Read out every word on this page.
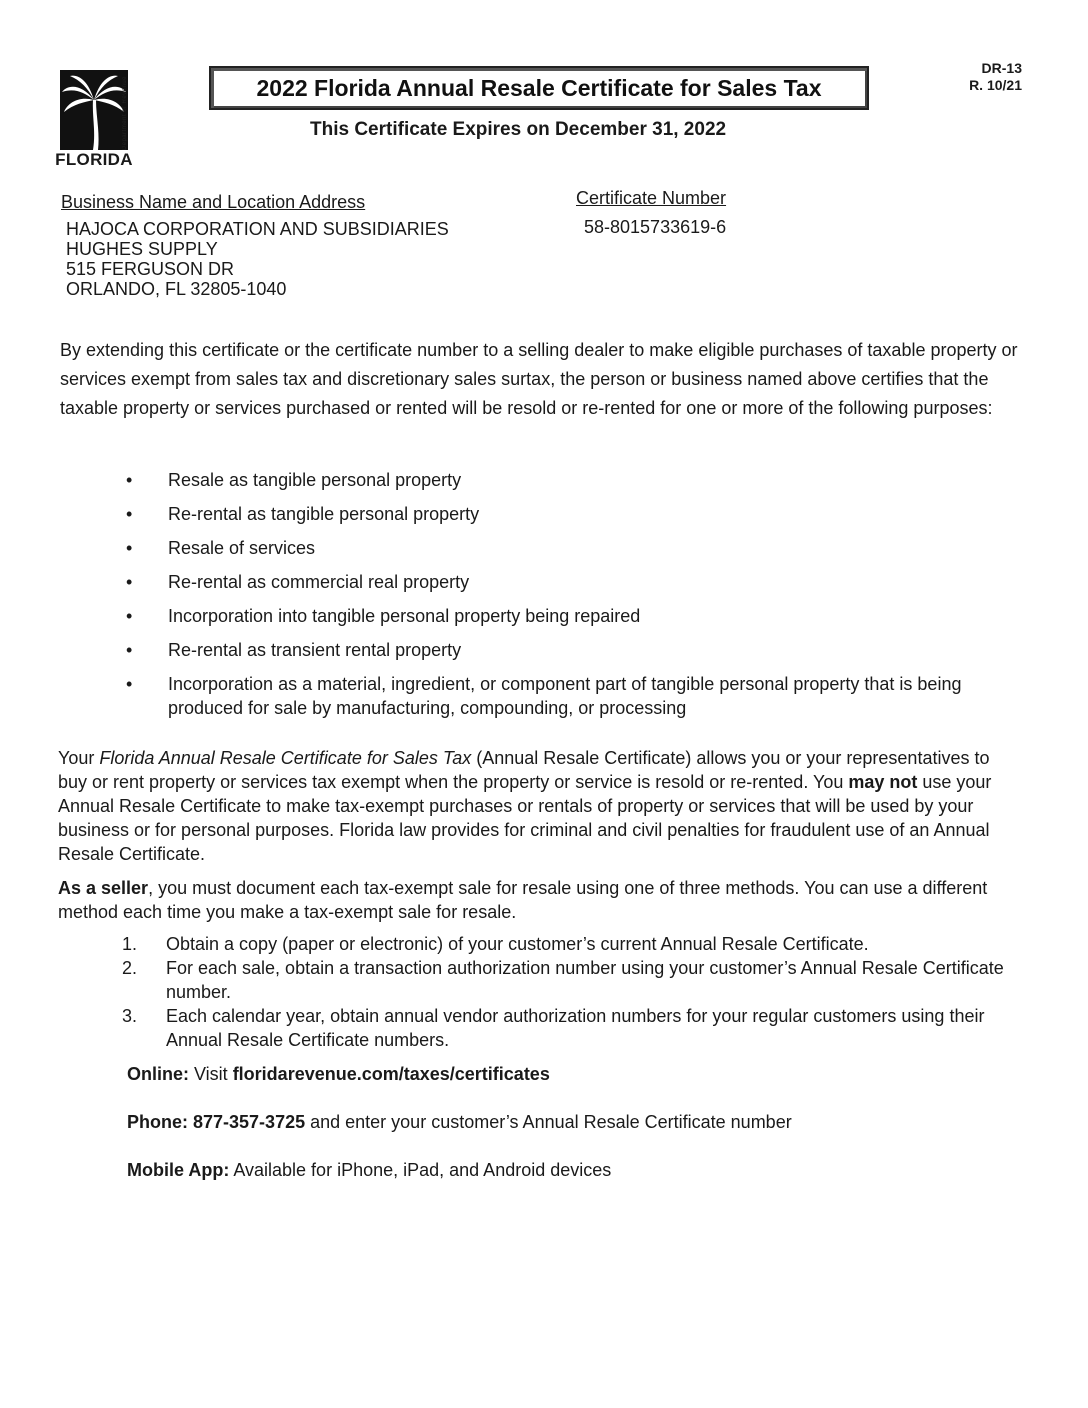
Department of Revenue
FLORIDA
2022 Florida Annual Resale Certificate for Sales Tax
DR-13
R. 10/21
This Certificate Expires on December 31, 2022
Business Name and Location Address	Certificate Number
HAJOCA CORPORATION AND SUBSIDIARIES
HUGHES SUPPLY
515 FERGUSON DR
ORLANDO, FL 32805-1040
58-8015733619-6
By extending this certificate or the certificate number to a selling dealer to make eligible purchases of taxable property or services exempt from sales tax and discretionary sales surtax, the person or business named above certifies that the taxable property or services purchased or rented will be resold or re-rented for one or more of the following purposes:
• Resale as tangible personal property
• Re-rental as tangible personal property
• Resale of services
• Re-rental as commercial real property
• Incorporation into tangible personal property being repaired
• Re-rental as transient rental property
• Incorporation as a material, ingredient, or component part of tangible personal property that is being produced for sale by manufacturing, compounding, or processing
Your Florida Annual Resale Certificate for Sales Tax (Annual Resale Certificate) allows you or your representatives to buy or rent property or services tax exempt when the property or service is resold or re-rented. You may not use your Annual Resale Certificate to make tax-exempt purchases or rentals of property or services that will be used by your business or for personal purposes. Florida law provides for criminal and civil penalties for fraudulent use of an Annual Resale Certificate.
As a seller, you must document each tax-exempt sale for resale using one of three methods. You can use a different method each time you make a tax-exempt sale for resale.
1. Obtain a copy (paper or electronic) of your customer’s current Annual Resale Certificate.
2. For each sale, obtain a transaction authorization number using your customer’s Annual Resale Certificate number.
3. Each calendar year, obtain annual vendor authorization numbers for your regular customers using their Annual Resale Certificate numbers.
Online: Visit floridarevenue.com/taxes/certificates
Phone: 877-357-3725 and enter your customer’s Annual Resale Certificate number
Mobile App: Available for iPhone, iPad, and Android devices
